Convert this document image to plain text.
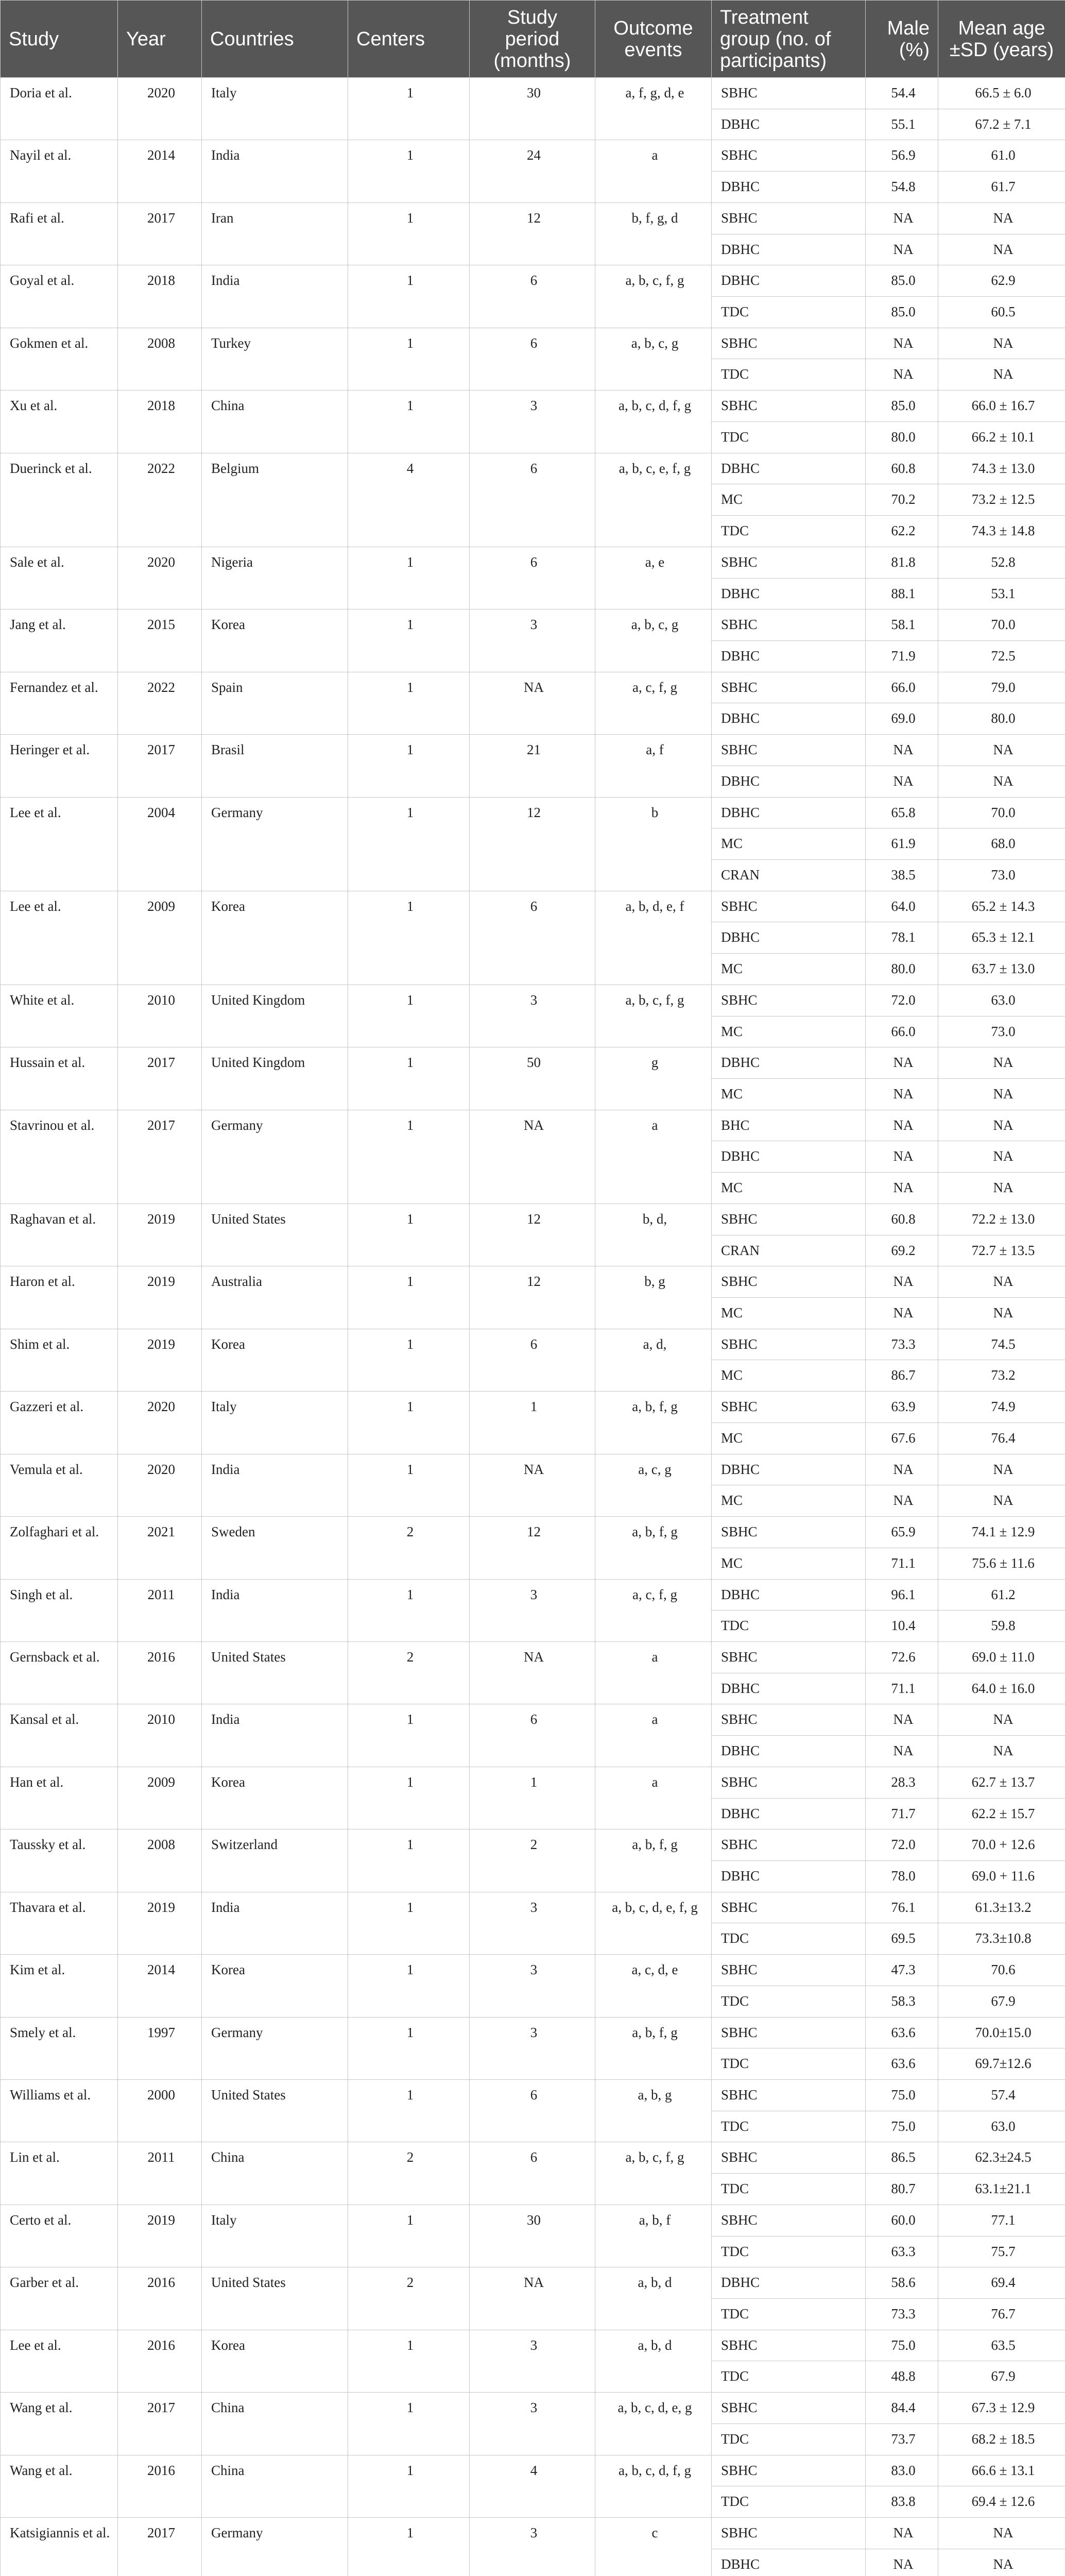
Study	Year	Countries	Centers	Study period (months)	Outcome events	Treatment group (no. of participants)	Male (%)	Mean age ±SD (years)
Doria et al.	2020	Italy	1	30	a, f, g, d, e	SBHC	54.4	66.5 ± 6.0
						DBHC	55.1	67.2 ± 7.1
Nayil et al.	2014	India	1	24	a	SBHC	56.9	61.0
						DBHC	54.8	61.7
Rafi et al.	2017	Iran	1	12	b, f, g, d	SBHC	NA	NA
						DBHC	NA	NA
Goyal et al.	2018	India	1	6	a, b, c, f, g	DBHC	85.0	62.9
						TDC	85.0	60.5
Gokmen et al.	2008	Turkey	1	6	a, b, c, g	SBHC	NA	NA
						TDC	NA	NA
Xu et al.	2018	China	1	3	a, b, c, d, f, g	SBHC	85.0	66.0 ± 16.7
						TDC	80.0	66.2 ± 10.1
Duerinck et al.	2022	Belgium	4	6	a, b, c, e, f, g	DBHC	60.8	74.3 ± 13.0
						MC	70.2	73.2 ± 12.5
						TDC	62.2	74.3 ± 14.8
Sale et al.	2020	Nigeria	1	6	a, e	SBHC	81.8	52.8
						DBHC	88.1	53.1
Jang et al.	2015	Korea	1	3	a, b, c, g	SBHC	58.1	70.0
						DBHC	71.9	72.5
Fernandez et al.	2022	Spain	1	NA	a, c, f, g	SBHC	66.0	79.0
						DBHC	69.0	80.0
Heringer et al.	2017	Brasil	1	21	a, f	SBHC	NA	NA
						DBHC	NA	NA
Lee et al.	2004	Germany	1	12	b	DBHC	65.8	70.0
						MC	61.9	68.0
						CRAN	38.5	73.0
Lee et al.	2009	Korea	1	6	a, b, d, e, f	SBHC	64.0	65.2 ± 14.3
						DBHC	78.1	65.3 ± 12.1
						MC	80.0	63.7 ± 13.0
White et al.	2010	United Kingdom	1	3	a, b, c, f, g	SBHC	72.0	63.0
						MC	66.0	73.0
Hussain et al.	2017	United Kingdom	1	50	g	DBHC	NA	NA
						MC	NA	NA
Stavrinou et al.	2017	Germany	1	NA	a	BHC	NA	NA
						DBHC	NA	NA
						MC	NA	NA
Raghavan et al.	2019	United States	1	12	b, d,	SBHC	60.8	72.2 ± 13.0
						CRAN	69.2	72.7 ± 13.5
Haron et al.	2019	Australia	1	12	b, g	SBHC	NA	NA
						MC	NA	NA
Shim et al.	2019	Korea	1	6	a, d,	SBHC	73.3	74.5
						MC	86.7	73.2
Gazzeri et al.	2020	Italy	1	1	a, b, f, g	SBHC	63.9	74.9
						MC	67.6	76.4
Vemula et al.	2020	India	1	NA	a, c, g	DBHC	NA	NA
						MC	NA	NA
Zolfaghari et al.	2021	Sweden	2	12	a, b, f, g	SBHC	65.9	74.1 ± 12.9
						MC	71.1	75.6 ± 11.6
Singh et al.	2011	India	1	3	a, c, f, g	DBHC	96.1	61.2
						TDC	10.4	59.8
Gernsback et al.	2016	United States	2	NA	a	SBHC	72.6	69.0 ± 11.0
						DBHC	71.1	64.0 ± 16.0
Kansal et al.	2010	India	1	6	a	SBHC	NA	NA
						DBHC	NA	NA
Han et al.	2009	Korea	1	1	a	SBHC	28.3	62.7 ± 13.7
						DBHC	71.7	62.2 ± 15.7
Taussky et al.	2008	Switzerland	1	2	a, b, f, g	SBHC	72.0	70.0 + 12.6
						DBHC	78.0	69.0 + 11.6
Thavara et al.	2019	India	1	3	a, b, c, d, e, f, g	SBHC	76.1	61.3±13.2
						TDC	69.5	73.3±10.8
Kim et al.	2014	Korea	1	3	a, c, d, e	SBHC	47.3	70.6
						TDC	58.3	67.9
Smely et al.	1997	Germany	1	3	a, b, f, g	SBHC	63.6	70.0±15.0
						TDC	63.6	69.7±12.6
Williams et al.	2000	United States	1	6	a, b, g	SBHC	75.0	57.4
						TDC	75.0	63.0
Lin et al.	2011	China	2	6	a, b, c, f, g	SBHC	86.5	62.3±24.5
						TDC	80.7	63.1±21.1
Certo et al.	2019	Italy	1	30	a, b, f	SBHC	60.0	77.1
						TDC	63.3	75.7
Garber et al.	2016	United States	2	NA	a, b, d	DBHC	58.6	69.4
						TDC	73.3	76.7
Lee et al.	2016	Korea	1	3	a, b, d	SBHC	75.0	63.5
						TDC	48.8	67.9
Wang et al.	2017	China	1	3	a, b, c, d, e, g	SBHC	84.4	67.3 ± 12.9
						TDC	73.7	68.2 ± 18.5
Wang et al.	2016	China	1	4	a, b, c, d, f, g	SBHC	83.0	66.6 ± 13.1
						TDC	83.8	69.4 ± 12.6
Katsigiannis et al.	2017	Germany	1	3	c	SBHC	NA	NA
						DBHC	NA	NA
